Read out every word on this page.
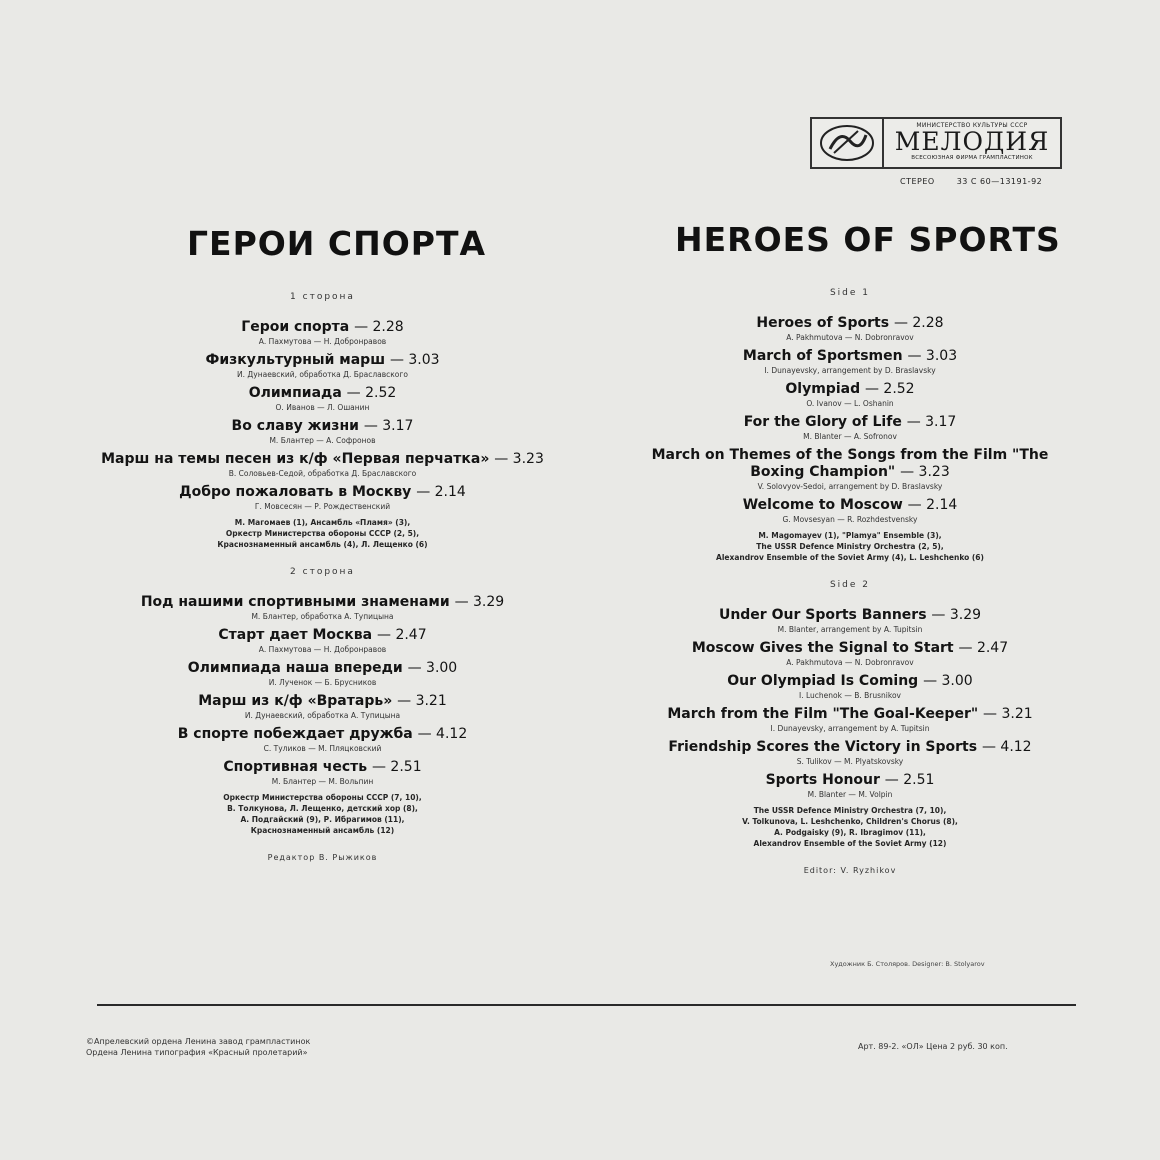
МИНИСТЕРСТВО КУЛЬТУРЫ СССР
МЕЛОДИЯ
ВСЕСОЮЗНАЯ ФИРМА ГРАМПЛАСТИНОК
СТЕРЕО	33 С 60—13191-92
ГЕРОИ СПОРТА	HEROES OF SPORTS
1 сторона
Герои спорта — 2.28
А. Пахмутова — Н. Добронравов
Физкультурный марш — 3.03
И. Дунаевский, обработка Д. Браславского
Олимпиада — 2.52
О. Иванов — Л. Ошанин
Во славу жизни — 3.17
М. Блантер — А. Софронов
Марш на темы песен из к/ф «Первая перчатка» — 3.23
В. Соловьев-Седой, обработка Д. Браславского
Добро пожаловать в Москву — 2.14
Г. Мовсесян — Р. Рождественский
М. Магомаев (1), Ансамбль «Пламя» (3),
Оркестр Министерства обороны СССР (2, 5),
Краснознаменный ансамбль (4), Л. Лещенко (6)
2 сторона
Под нашими спортивными знаменами — 3.29
М. Блантер, обработка А. Тупицына
Старт дает Москва — 2.47
А. Пахмутова — Н. Добронравов
Олимпиада наша впереди — 3.00
И. Лученок — Б. Брусников
Марш из к/ф «Вратарь» — 3.21
И. Дунаевский, обработка А. Тупицына
В спорте побеждает дружба — 4.12
С. Туликов — М. Пляцковский
Спортивная честь — 2.51
М. Блантер — М. Вольпин
Оркестр Министерства обороны СССР (7, 10),
В. Толкунова, Л. Лещенко, детский хор (8),
А. Подгайский (9), Р. Ибрагимов (11),
Краснознаменный ансамбль (12)
Редактор В. Рыжиков
Side 1
Heroes of Sports — 2.28
A. Pakhmutova — N. Dobronravov
March of Sportsmen — 3.03
I. Dunayevsky, arrangement by D. Braslavsky
Olympiad — 2.52
O. Ivanov — L. Oshanin
For the Glory of Life — 3.17
M. Blanter — A. Sofronov
March on Themes of the Songs from the Film "The Boxing Champion" — 3.23
V. Solovyov-Sedoi, arrangement by D. Braslavsky
Welcome to Moscow — 2.14
G. Movsesyan — R. Rozhdestvensky
M. Magomayev (1), "Plamya" Ensemble (3),
The USSR Defence Ministry Orchestra (2, 5),
Alexandrov Ensemble of the Soviet Army (4), L. Leshchenko (6)
Side 2
Under Our Sports Banners — 3.29
M. Blanter, arrangement by A. Tupitsin
Moscow Gives the Signal to Start — 2.47
A. Pakhmutova — N. Dobronravov
Our Olympiad Is Coming — 3.00
I. Luchenok — B. Brusnikov
March from the Film "The Goal-Keeper" — 3.21
I. Dunayevsky, arrangement by A. Tupitsin
Friendship Scores the Victory in Sports — 4.12
S. Tulikov — M. Plyatskovsky
Sports Honour — 2.51
M. Blanter — M. Volpin
The USSR Defence Ministry Orchestra (7, 10),
V. Tolkunova, L. Leshchenko, Children's Chorus (8),
A. Podgaisky (9), R. Ibragimov (11),
Alexandrov Ensemble of the Soviet Army (12)
Editor: V. Ryzhikov
Художник Б. Столяров. Designer: B. Stolyarov
©Апрелевский ордена Ленина завод грампластинок
Ордена Ленина типография «Красный пролетарий»
Арт. 89-2. «ОЛ» Цена 2 руб. 30 коп.
